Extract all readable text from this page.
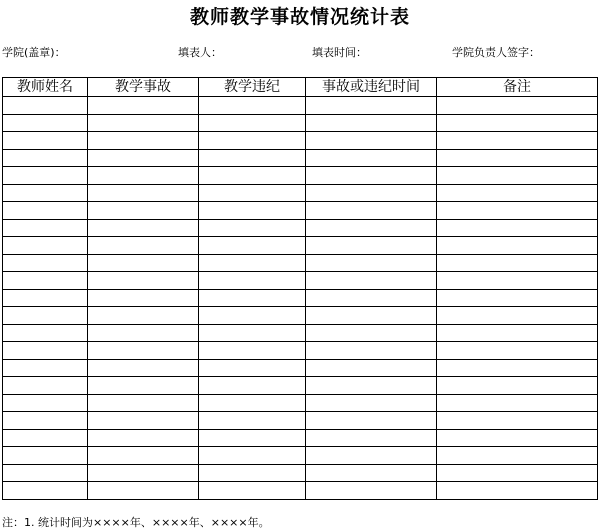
教师教学事故情况统计表
学院(盖章)：	填表人：	填表时间：	学院负责人签字：
教师姓名	教学事故	教学违纪	事故或违纪时间	备注

注：1. 统计时间为××××年、××××年、××××年。
